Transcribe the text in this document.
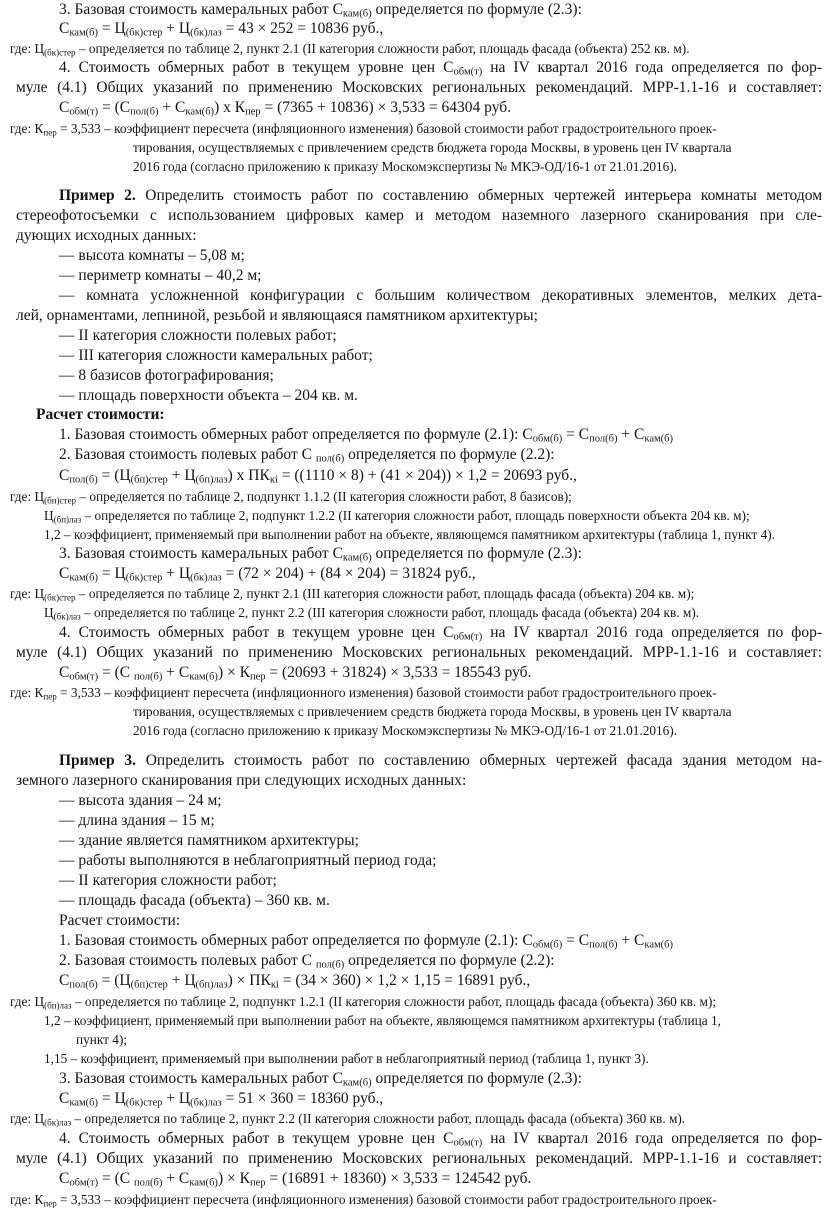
3. Базовая стоимость камеральных работ $С_{кам(б)}$ определяется по формуле (2.3):
$С_{кам(б)} = Ц_{(бк)стер} + Ц_{(бк)лаз} = 43 \times 252 = 10836$ руб.,
где: $Ц_{(бк)стер}$ – определяется по таблице 2, пункт 2.1 (II категория сложности работ, площадь фасада (объекта) 252 кв. м).
4. Стоимость обмерных работ в текущем уровне цен $С_{обм(т)}$ на IV квартал 2016 года определяется по фор-
муле (4.1) Общих указаний по применению Московских региональных рекомендаций. МРР-1.1-16 и составляет:
$С_{обм(т)} = (С_{пол(б)} + С_{кам(б)})$ х $К_{пер} = (7365 + 10836) \times 3,533 = 64304$ руб.
где: $К_{пер} = 3,533$ – коэффициент пересчета (инфляционного изменения) базовой стоимости работ градостроительного проек-
тирования, осуществляемых с привлечением средств бюджета города Москвы, в уровень цен IV квартала
2016 года (согласно приложению к приказу Москомэкспертизы № МКЭ-ОД/16-1 от 21.01.2016).
Пример 2. Определить стоимость работ по составлению обмерных чертежей интерьера комнаты методом
стереофотосъемки с использованием цифровых камер и методом наземного лазерного сканирования при сле-
дующих исходных данных:
— высота комнаты – 5,08 м;
— периметр комнаты – 40,2 м;
— комната усложненной конфигурации с большим количеством декоративных элементов, мелких дета-
лей, орнаментами, лепниной, резьбой и являющаяся памятником архитектуры;
— II категория сложности полевых работ;
— III категория сложности камеральных работ;
— 8 базисов фотографирования;
— площадь поверхности объекта – 204 кв. м.
Расчет стоимости:
1. Базовая стоимость обмерных работ определяется по формуле (2.1): $С_{обм(б)} = С_{пол(б)} + С_{кам(б)}$
2. Базовая стоимость полевых работ С $_{пол(б)}$ определяется по формуле (2.2):
$С_{пол(б)} = (Ц_{(бп)стер} + Ц_{(бп)лаз})$ х $ПК_{кi} = ((1110 \times 8) + (41 \times 204)) \times 1,2 = 20693$ руб.,
где: $Ц_{(бп)стер}$ – определяется по таблице 2, подпункт 1.1.2 (II категория сложности работ, 8 базисов);
$Ц_{(бп)лаз}$ – определяется по таблице 2, подпункт 1.2.2 (II категория сложности работ, площадь поверхности объекта 204 кв. м);
1,2 – коэффициент, применяемый при выполнении работ на объекте, являющемся памятником архитектуры (таблица 1, пункт 4).
3. Базовая стоимость камеральных работ $С_{кам(б)}$ определяется по формуле (2.3):
$С_{кам(б)} = Ц_{(бк)стер} + Ц_{(бк)лаз} = (72 \times 204) + (84 \times 204) = 31824$ руб.,
где: $Ц_{(бк)стер}$ – определяется по таблице 2, пункт 2.1 (III категория сложности работ, площадь фасада (объекта) 204 кв. м);
$Ц_{(бк)лаз}$ – определяется по таблице 2, пункт 2.2 (III категория сложности работ, площадь фасада (объекта) 204 кв. м).
4. Стоимость обмерных работ в текущем уровне цен $С_{обм(т)}$ на IV квартал 2016 года определяется по фор-
муле (4.1) Общих указаний по применению Московских региональных рекомендаций. МРР-1.1-16 и составляет:
$С_{обм(т)} = (С$ $_{пол(б)} + С_{кам(б)}) \times К_{пер} = (20693 + 31824) \times 3,533 = 185543$ руб.
где: $К_{пер} = 3,533$ – коэффициент пересчета (инфляционного изменения) базовой стоимости работ градостроительного проек-
тирования, осуществляемых с привлечением средств бюджета города Москвы, в уровень цен IV квартала
2016 года (согласно приложению к приказу Москомэкспертизы № МКЭ-ОД/16-1 от 21.01.2016).
Пример 3. Определить стоимость работ по составлению обмерных чертежей фасада здания методом на-
земного лазерного сканирования при следующих исходных данных:
— высота здания – 24 м;
— длина здания – 15 м;
— здание является памятником архитектуры;
— работы выполняются в неблагоприятный период года;
— II категория сложности работ;
— площадь фасада (объекта) – 360 кв. м.
Расчет стоимости:
1. Базовая стоимость обмерных работ определяется по формуле (2.1): $С_{обм(б)} = С_{пол(б)} + С_{кам(б)}$
2. Базовая стоимость полевых работ С $_{пол(б)}$ определяется по формуле (2.2):
$С_{пол(б)} = (Ц_{(бп)стер} + Ц_{(бп)лаз}) \times ПК_{кi} = (34 \times 360) \times 1,2 \times 1,15 = 16891$ руб.,
где: $Ц_{(бп)лаз}$ – определяется по таблице 2, подпункт 1.2.1 (II категория сложности работ, площадь фасада (объекта) 360 кв. м);
1,2 – коэффициент, применяемый при выполнении работ на объекте, являющемся памятником архитектуры (таблица 1,
пункт 4);
1,15 – коэффициент, применяемый при выполнении работ в неблагоприятный период (таблица 1, пункт 3).
3. Базовая стоимость камеральных работ $С_{кам(б)}$ определяется по формуле (2.3):
$С_{кам(б)} = Ц_{(бк)стер} + Ц_{(бк)лаз} = 51 \times 360 = 18360$ руб.,
где: $Ц_{(бк)лаз}$ – определяется по таблице 2, пункт 2.2 (II категория сложности работ, площадь фасада (объекта) 360 кв. м).
4. Стоимость обмерных работ в текущем уровне цен $С_{обм(т)}$ на IV квартал 2016 года определяется по фор-
муле (4.1) Общих указаний по применению Московских региональных рекомендаций. МРР-1.1-16 и составляет:
$С_{обм(т)} = (С$ $_{пол(б)} + С_{кам(б)}) \times К_{пер} = (16891 + 18360) \times 3,533 = 124542$ руб.
где: $К_{пер} = 3,533$ – коэффициент пересчета (инфляционного изменения) базовой стоимости работ градостроительного проек-
